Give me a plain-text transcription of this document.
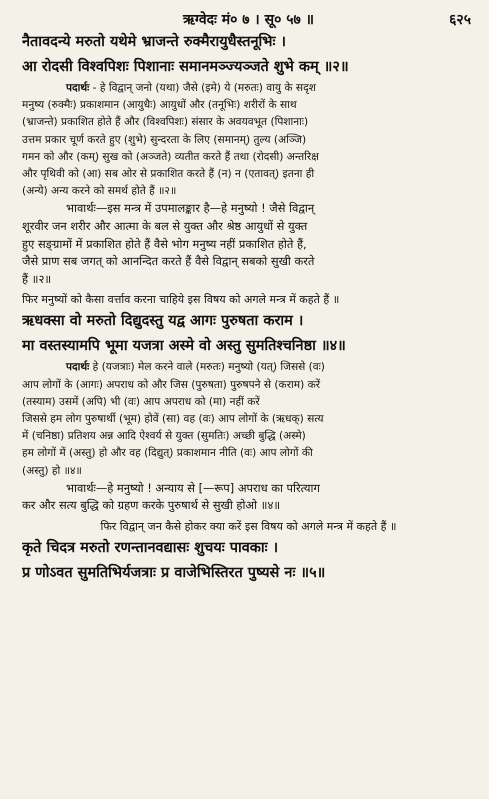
ऋग्वेदः मं० ७ । सू० ५७ ॥	६२५
नैतावदन्ये मरुतो यथेमे भ्राजन्ते रुक्मैरायुधैस्तनूभिः ।
आ रोदसी विश्वपिशः पिशानाः समानमञ्ज्यञ्जते शुभे कम् ॥२॥

पदार्थः - हे विद्वान् जनो (यथा) जैसे (इमे) ये (मरुतः) वायु के सदृश

मनुष्य (रुक्मैः) प्रकाशमान (आयुधैः) आयुधों और (तनूभिः) शरीरों के साथ

(भ्राजन्ते) प्रकाशित होते हैं और (विश्वपिशः) संसार के अवयवभूत (पिशानाः)

उत्तम प्रकार चूर्ण करते हुए (शुभे) सुन्दरता के लिए (समानम्) तुल्य (अञ्जि)

गमन को और (कम्) सुख को (अञ्जते) व्यतीत करते हैं तथा (रोदसी) अन्तरिक्ष

और पृथिवी को (आ) सब ओर से प्रकाशित करते हैं (न) न (एतावत्) इतना ही

(अन्ये) अन्य करने को समर्थ होते हैं ॥२॥

भावार्थः—इस मन्त्र में उपमालङ्कार है—हे मनुष्यो ! जैसे विद्वान्

शूरवीर जन शरीर और आत्मा के बल से युक्त और श्रेष्ठ आयुधों से युक्त

हुए सङ्ग्रामों में प्रकाशित होते हैं वैसे भोग मनुष्य नहीं प्रकाशित होते हैं,

जैसे प्राण सब जगत् को आनन्दित करते हैं वैसे विद्वान् सबको सुखी करते

हैं ॥२॥

फिर मनुष्यों को कैसा वर्त्ताव करना चाहिये इस विषय को अगले मन्त्र में कहते हैं ॥

ऋधक्सा वो मरुतो दिद्युदस्तु यद्व आगः पुरुषता कराम ।
मा वस्तस्यामपि भूमा यजत्रा अस्मे वो अस्तु सुमतिश्चनिष्ठा ॥४॥

पदार्थः हे (यजत्राः) मेल करने वाले (मरुतः) मनुष्यो (यत्) जिससे (वः)

आप लोगों के (आगः) अपराध को और जिस (पुरुषता) पुरुषपने से (कराम) करें

(तस्याम) उसमें (अपि) भी (वः) आप अपराध को (मा) नहीं करें

जिससे हम लोग पुरुषार्थी (भूम) होवें (सा) वह (वः) आप लोगों के (ऋधक्) सत्य

में (चनिष्ठा) प्रतिशय अन्न आदि ऐश्वर्य से युक्त (सुमतिः) अच्छी बुद्धि (अस्मे)

हम लोगों में (अस्तु) हो और वह (दिद्युत्) प्रकाशमान नीति (वः) आप लोगों की

(अस्तु) हो ॥४॥

भावार्थः—हे मनुष्यो ! अन्याय से [—रूप] अपराध का परित्याग

कर और सत्य बुद्धि को ग्रहण करके पुरुषार्थ से सुखी होओ ॥४॥

फिर विद्वान् जन कैसे होकर क्या करें इस विषय को अगले मन्त्र में कहते हैं ॥

कृते चिदत्र मरुतो रणन्तानवद्यासः शुचयः पावकाः ।
प्र णोऽवत सुमतिभिर्यजत्राः प्र वाजेभिस्तिरत पुष्यसे नः ॥५॥
